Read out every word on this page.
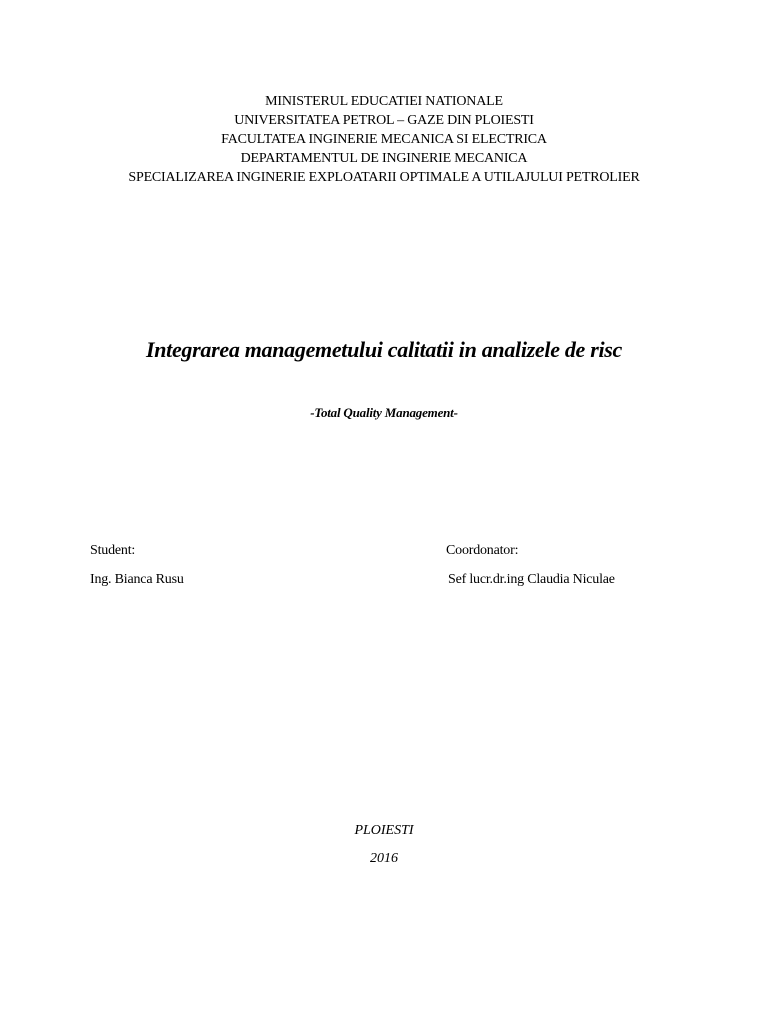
MINISTERUL EDUCATIEI NATIONALE
UNIVERSITATEA PETROL – GAZE DIN PLOIESTI
FACULTATEA INGINERIE MECANICA SI ELECTRICA
DEPARTAMENTUL DE INGINERIE MECANICA
SPECIALIZAREA INGINERIE EXPLOATARII OPTIMALE A UTILAJULUI PETROLIER
Integrarea managemetului calitatii in analizele de risc
-Total Quality Management-
Student:
Ing. Bianca Rusu
Coordonator:
Sef lucr.dr.ing Claudia Niculae
PLOIESTI
2016
